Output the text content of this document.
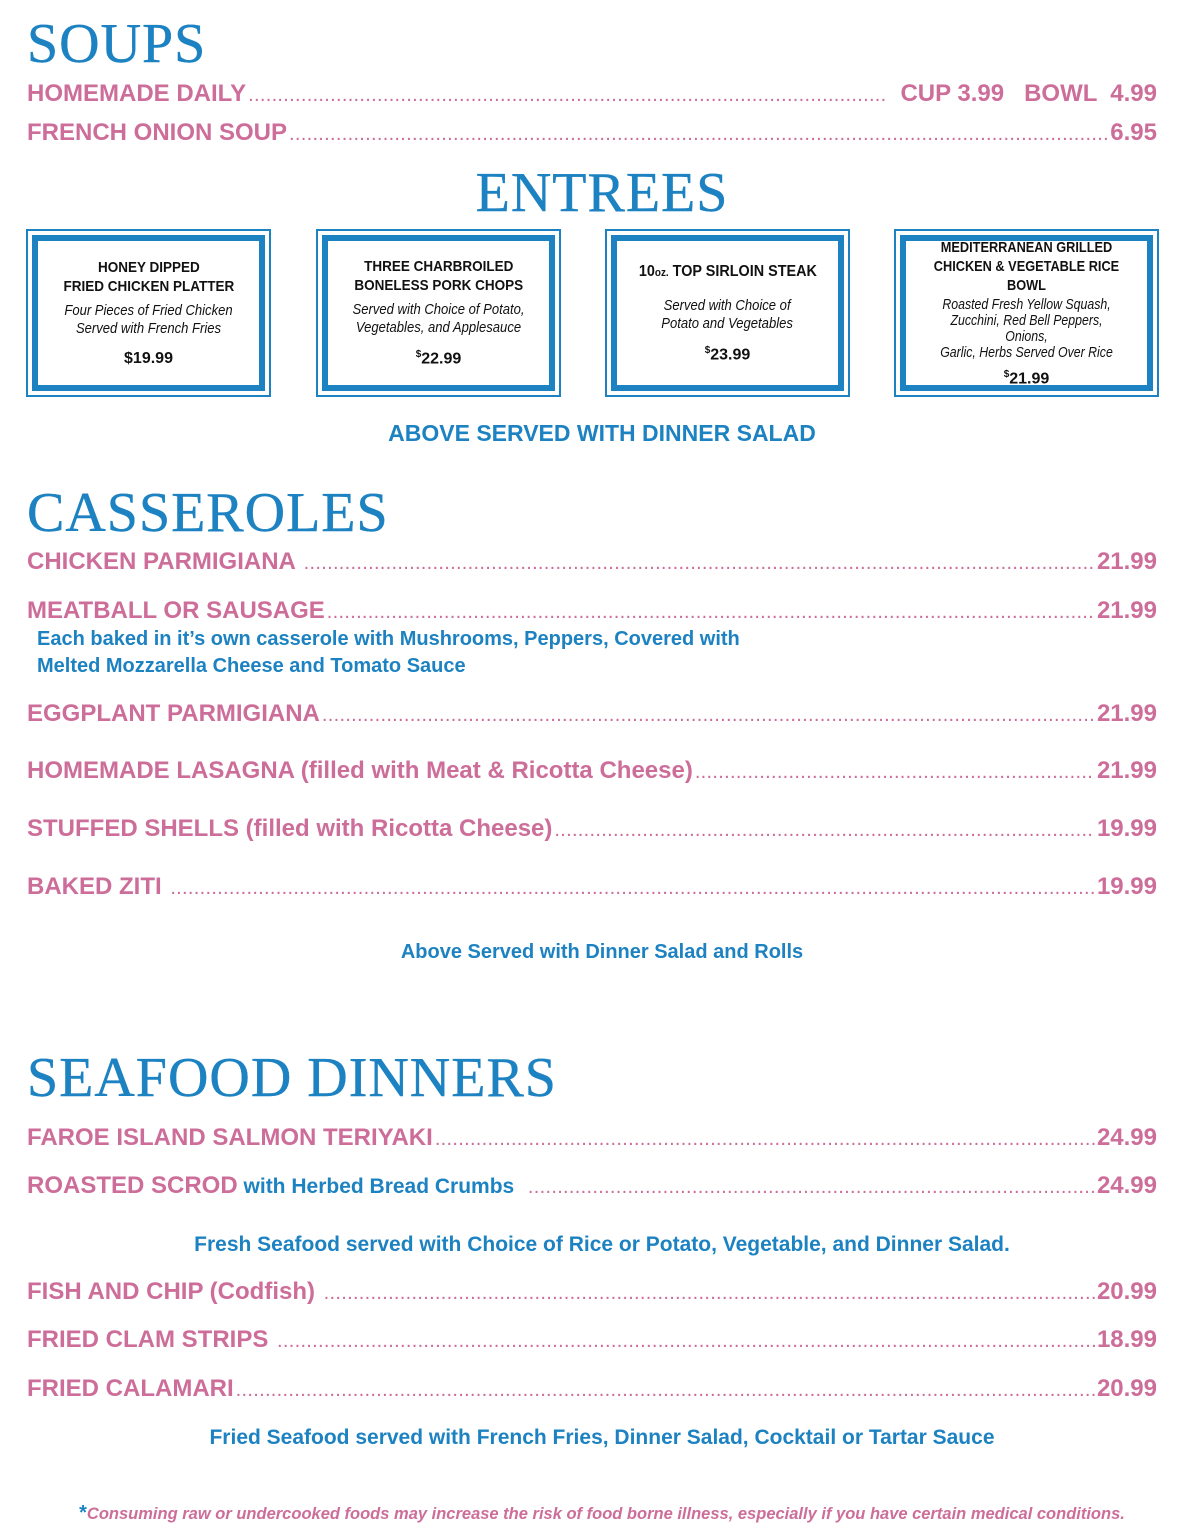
SOUPS
HOMEMADE DAILY .....	CUP 3.99   BOWL  4.99
FRENCH ONION SOUP .....	6.95
ENTREES
HONEY DIPPED
FRIED CHICKEN PLATTER
Four Pieces of Fried Chicken
Served with French Fries
$19.99
THREE CHARBROILED
BONELESS PORK CHOPS
Served with Choice of Potato,
Vegetables, and Applesauce
$22.99
10oz. TOP SIRLOIN STEAK
Served with Choice of
Potato and Vegetables
$23.99
MEDITERRANEAN GRILLED
CHICKEN & VEGETABLE RICE BOWL
Roasted Fresh Yellow Squash,
Zucchini, Red Bell Peppers, Onions,
Garlic, Herbs Served Over Rice
$21.99
ABOVE SERVED WITH DINNER SALAD
CASSEROLES
CHICKEN PARMIGIANA .....	21.99
MEATBALL OR SAUSAGE .....	21.99
Each baked in it’s own casserole with Mushrooms, Peppers, Covered with
Melted Mozzarella Cheese and Tomato Sauce
EGGPLANT PARMIGIANA .....	21.99
HOMEMADE LASAGNA (filled with Meat & Ricotta Cheese) .....	21.99
STUFFED SHELLS (filled with Ricotta Cheese) .....	19.99
BAKED ZITI .....	19.99
Above Served with Dinner Salad and Rolls
SEAFOOD DINNERS
FAROE ISLAND SALMON TERIYAKI .....	24.99
ROASTED SCROD with Herbed Bread Crumbs .....	24.99
Fresh Seafood served with Choice of Rice or Potato, Vegetable, and Dinner Salad.
FISH AND CHIP (Codfish) .....	20.99
FRIED CLAM STRIPS .....	18.99
FRIED CALAMARI .....	20.99
Fried Seafood served with French Fries, Dinner Salad, Cocktail or Tartar Sauce
*Consuming raw or undercooked foods may increase the risk of food borne illness, especially if you have certain medical conditions.
